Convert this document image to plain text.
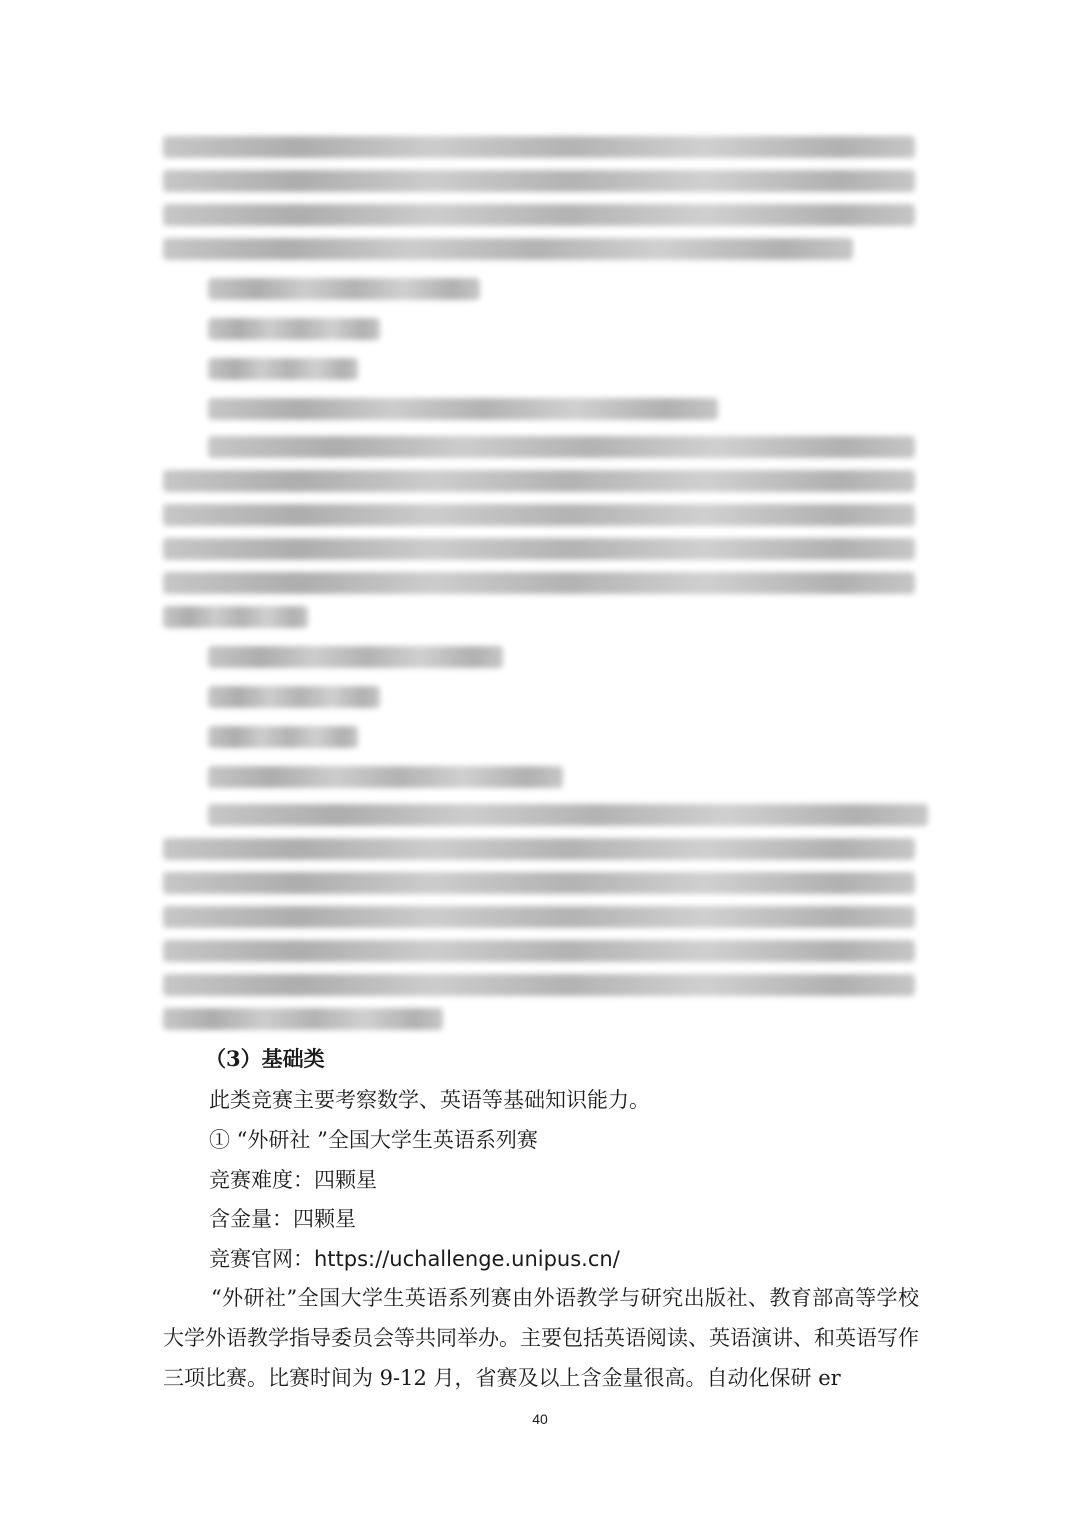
（3）基础类
此类竞赛主要考察数学、英语等基础知识能力。
① “外研社 ”全国大学生英语系列赛
竞赛难度：四颗星
含金量：四颗星
竞赛官网：https://uchallenge.unipus.cn/
“外研社”全国大学生英语系列赛由外语教学与研究出版社、教育部高等学校大学外语教学指导委员会等共同举办。主要包括英语阅读、英语演讲、和英语写作三项比赛。比赛时间为 9-12 月，省赛及以上含金量很高。自动化保研 er
40
